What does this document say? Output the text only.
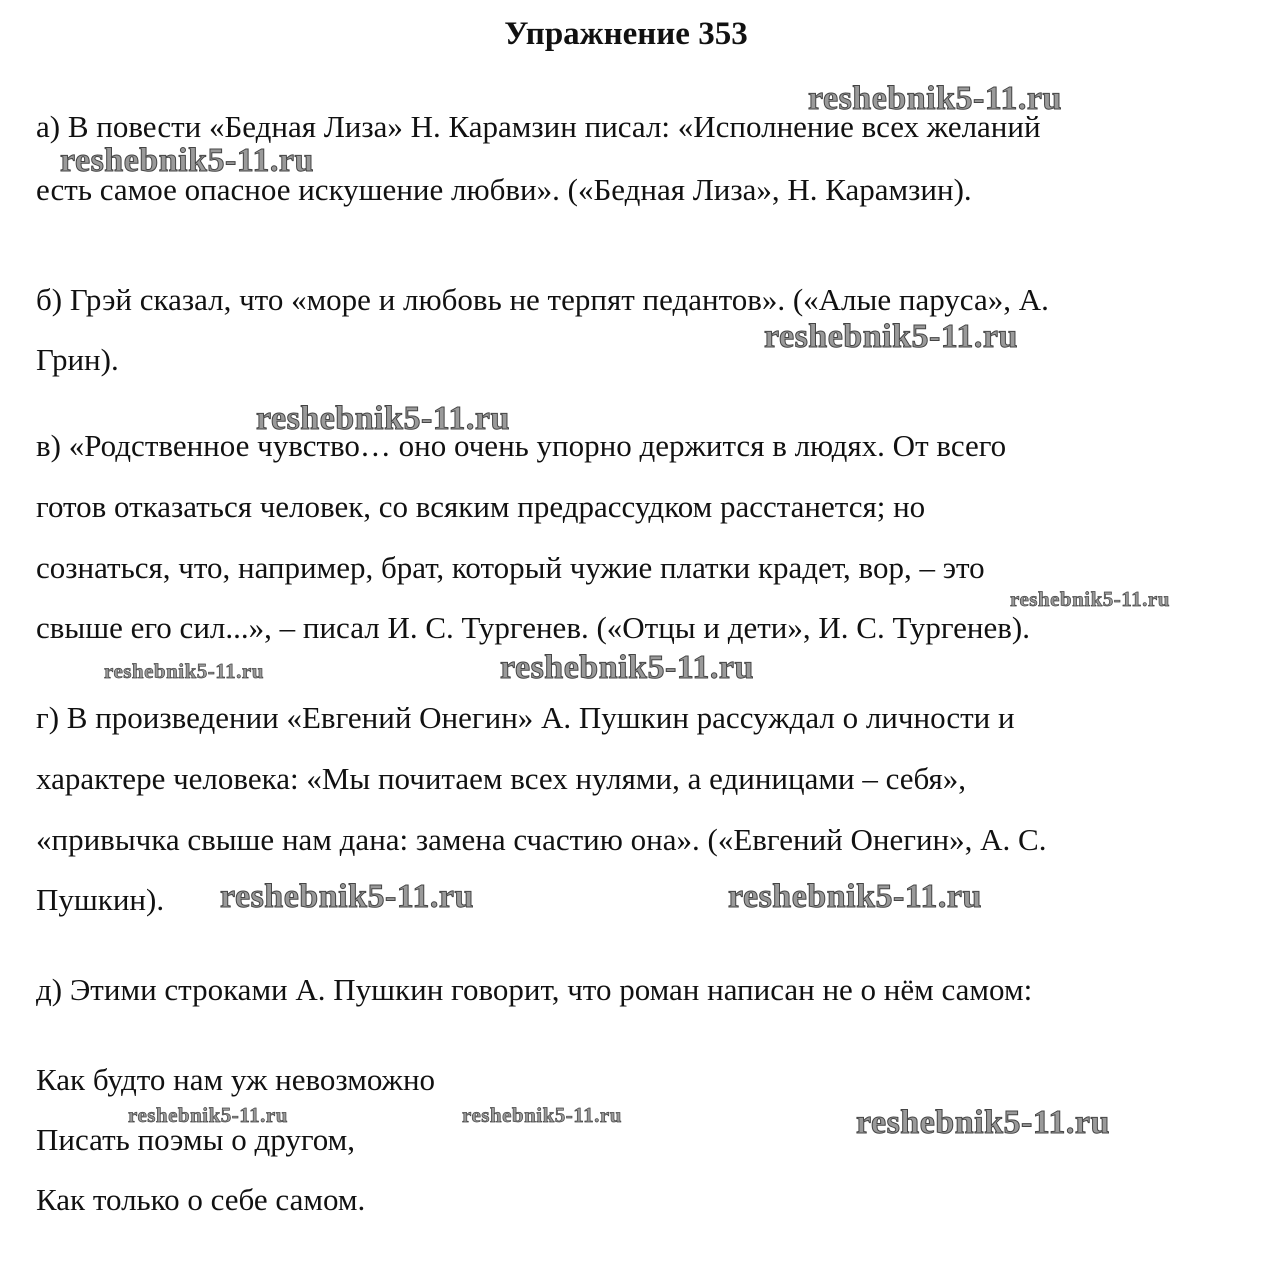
Упражнение 353
а) В повести «Бедная Лиза» Н. Карамзин писал: «Исполнение всех желаний
есть самое опасное искушение любви». («Бедная Лиза», Н. Карамзин).
б) Грэй сказал, что «море и любовь не терпят педантов». («Алые паруса», А.
Грин).
в) «Родственное чувство… оно очень упорно держится в людях. От всего
готов отказаться человек, со всяким предрассудком расстанется; но
сознаться, что, например, брат, который чужие платки крадет, вор, – это
свыше его сил...», – писал И. С. Тургенев. («Отцы и дети», И. С. Тургенев).
г) В произведении «Евгений Онегин» А. Пушкин рассуждал о личности и
характере человека: «Мы почитаем всех нулями, а единицами – себя»,
«привычка свыше нам дана: замена счастию она». («Евгений Онегин», А. С.
Пушкин).
д) Этими строками А. Пушкин говорит, что роман написан не о нём самом:
Как будто нам уж невозможно
Писать поэмы о другом,
Как только о себе самом.
reshebnik5-11.ru
reshebnik5-11.ru
reshebnik5-11.ru
reshebnik5-11.ru
reshebnik5-11.ru
reshebnik5-11.ru	reshebnik5-11.ru
reshebnik5-11.ru	reshebnik5-11.ru
reshebnik5-11.ru	reshebnik5-11.ru	reshebnik5-11.ru
